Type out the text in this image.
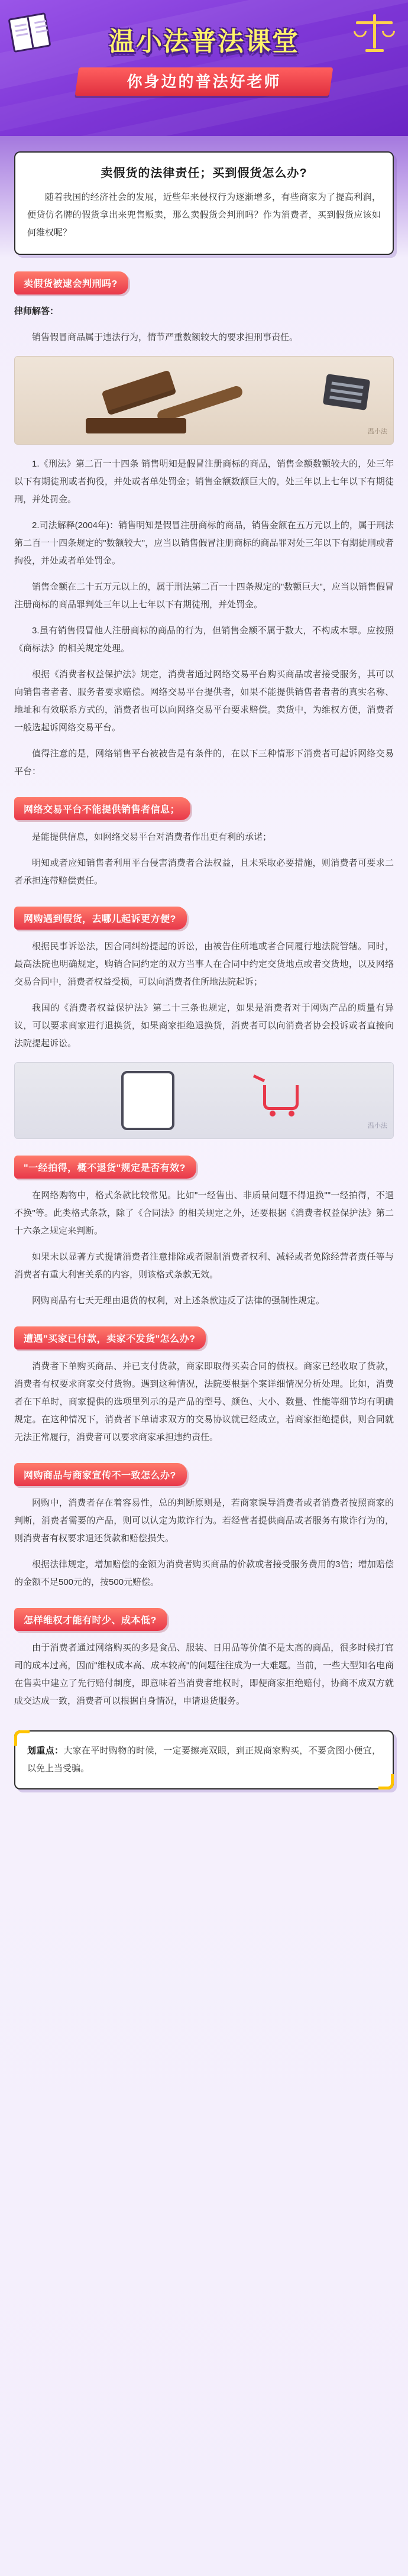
温小法普法课堂
你身边的普法好老师
卖假货的法律责任；买到假货怎么办?
随着我国的经济社会的发展，近些年来侵权行为逐渐增多，有些商家为了提高利润，便贷仿名牌的假货拿出来兜售贩卖，那么卖假货会判刑吗？作为消费者，买到假货应该如何维权呢？
卖假货被逮会判刑吗?

律师解答：

销售假冒商品属于违法行为，情节严重数额较大的要求担刑事责任。

温小法

1.《刑法》第二百一十四条 销售明知是假冒注册商标的商品，销售金额数额较大的，处三年以下有期徒刑或者拘役，并处或者单处罚金；销售金额数额巨大的，处三年以上七年以下有期徒刑，并处罚金。

2.司法解释(2004年)：销售明知是假冒注册商标的商品，销售金额在五万元以上的，属于刑法第二百一十四条规定的"数额较大"，应当以销售假冒注册商标的商品罪对处三年以下有期徒刑或者拘役，并处或者单处罚金。

销售金额在二十五万元以上的，属于刑法第二百一十四条规定的"数额巨大"，应当以销售假冒注册商标的商品罪判处三年以上七年以下有期徒刑，并处罚金。

3.虽有销售假冒他人注册商标的商品的行为，但销售金额不属于数大，不构成本罪。应按照《商标法》的相关规定处理。

根据《消费者权益保护法》规定，消费者通过网络交易平台购买商品或者接受服务，其可以向销售者者者、服务者要求赔偿。网络交易平台提供者，如果不能提供销售者者者的真实名称、地址和有效联系方式的，消费者也可以向网络交易平台要求赔偿。卖货中，为维权方便，消费者一般选起诉网络交易平台。

值得注意的是，网络销售平台被被告是有条件的，在以下三种情形下消费者可起诉网络交易平台：

网络交易平台不能提供销售者信息；

是能提供信息，如网络交易平台对消费者作出更有利的承诺；

明知或者应知销售者利用平台侵害消费者合法权益，且未采取必要措施，则消费者可要求二者承担连带赔偿责任。

网购遇到假货，去哪儿起诉更方便?

根据民事诉讼法，因合同纠纷提起的诉讼，由被告住所地或者合同履行地法院管辖。同时，最高法院也明确规定，购销合同约定的双方当事人在合同中约定交货地点或者交货地，以及网络交易合同中，消费者权益受损，可以向消费者住所地法院起诉；

我国的《消费者权益保护法》第二十三条也规定，如果是消费者对于网购产品的质量有异议，可以要求商家进行退换货，如果商家拒绝退换货，消费者可以向消费者协会投诉或者直接向法院提起诉讼。

温小法
"一经拍得，概不退货"规定是否有效?

在网络购物中，格式条款比较常见。比如"一经售出、非质量问题不得退换""一经拍得，不退不换"等。此类格式条款，除了《合同法》的相关规定之外，还要根据《消费者权益保护法》第二十六条之规定来判断。

如果未以显著方式提请消费者注意排除或者限制消费者权利、减轻或者免除经营者责任等与消费者有重大利害关系的内容，则该格式条款无效。

网购商品有七天无理由退货的权利，对上述条款违反了法律的强制性规定。

遭遇"买家已付款，卖家不发货"怎么办?

消费者下单购买商品、并已支付货款，商家即取得买卖合同的债权。商家已经收取了货款，消费者有权要求商家交付货物。遇到这种情况，法院要根据个案详细情况分析处理。比如，消费者在下单时，商家提供的选项里列示的是产品的型号、颜色、大小、数量、性能等细节均有明确规定。在这种情况下，消费者下单请求双方的交易协议就已经成立，若商家拒绝提供，则合同就无法正常履行，消费者可以要求商家承担违约责任。

网购商品与商家宣传不一致怎么办?

网购中，消费者存在着容易性，总的判断原则是，若商家误导消费者或者消费者按照商家的判断，消费者需要的产品，则可以认定为欺诈行为。若经营者提供商品或者服务有欺诈行为的，则消费者有权要求退还货款和赔偿损失。

根据法律规定，增加赔偿的金额为消费者购买商品的价款或者接受服务费用的3倍；增加赔偿的金额不足500元的，按500元赔偿。

怎样维权才能有时少、成本低?

由于消费者通过网络购买的多是食品、服装、日用品等价值不是太高的商品，很多时候打官司的成本过高，因而"维权成本高、成本较高"的问题往往成为一大难题。当前，一些大型知名电商在售卖中建立了先行赔付制度，即意味着当消费者维权时，即便商家拒绝赔付，协商不成双方就成交达成一致，消费者可以根据自身情况，申请退货服务。

划重点：大家在平时购物的时候，一定要擦亮双眼，到正规商家购买，不要贪图小便宜，以免上当受骗。
